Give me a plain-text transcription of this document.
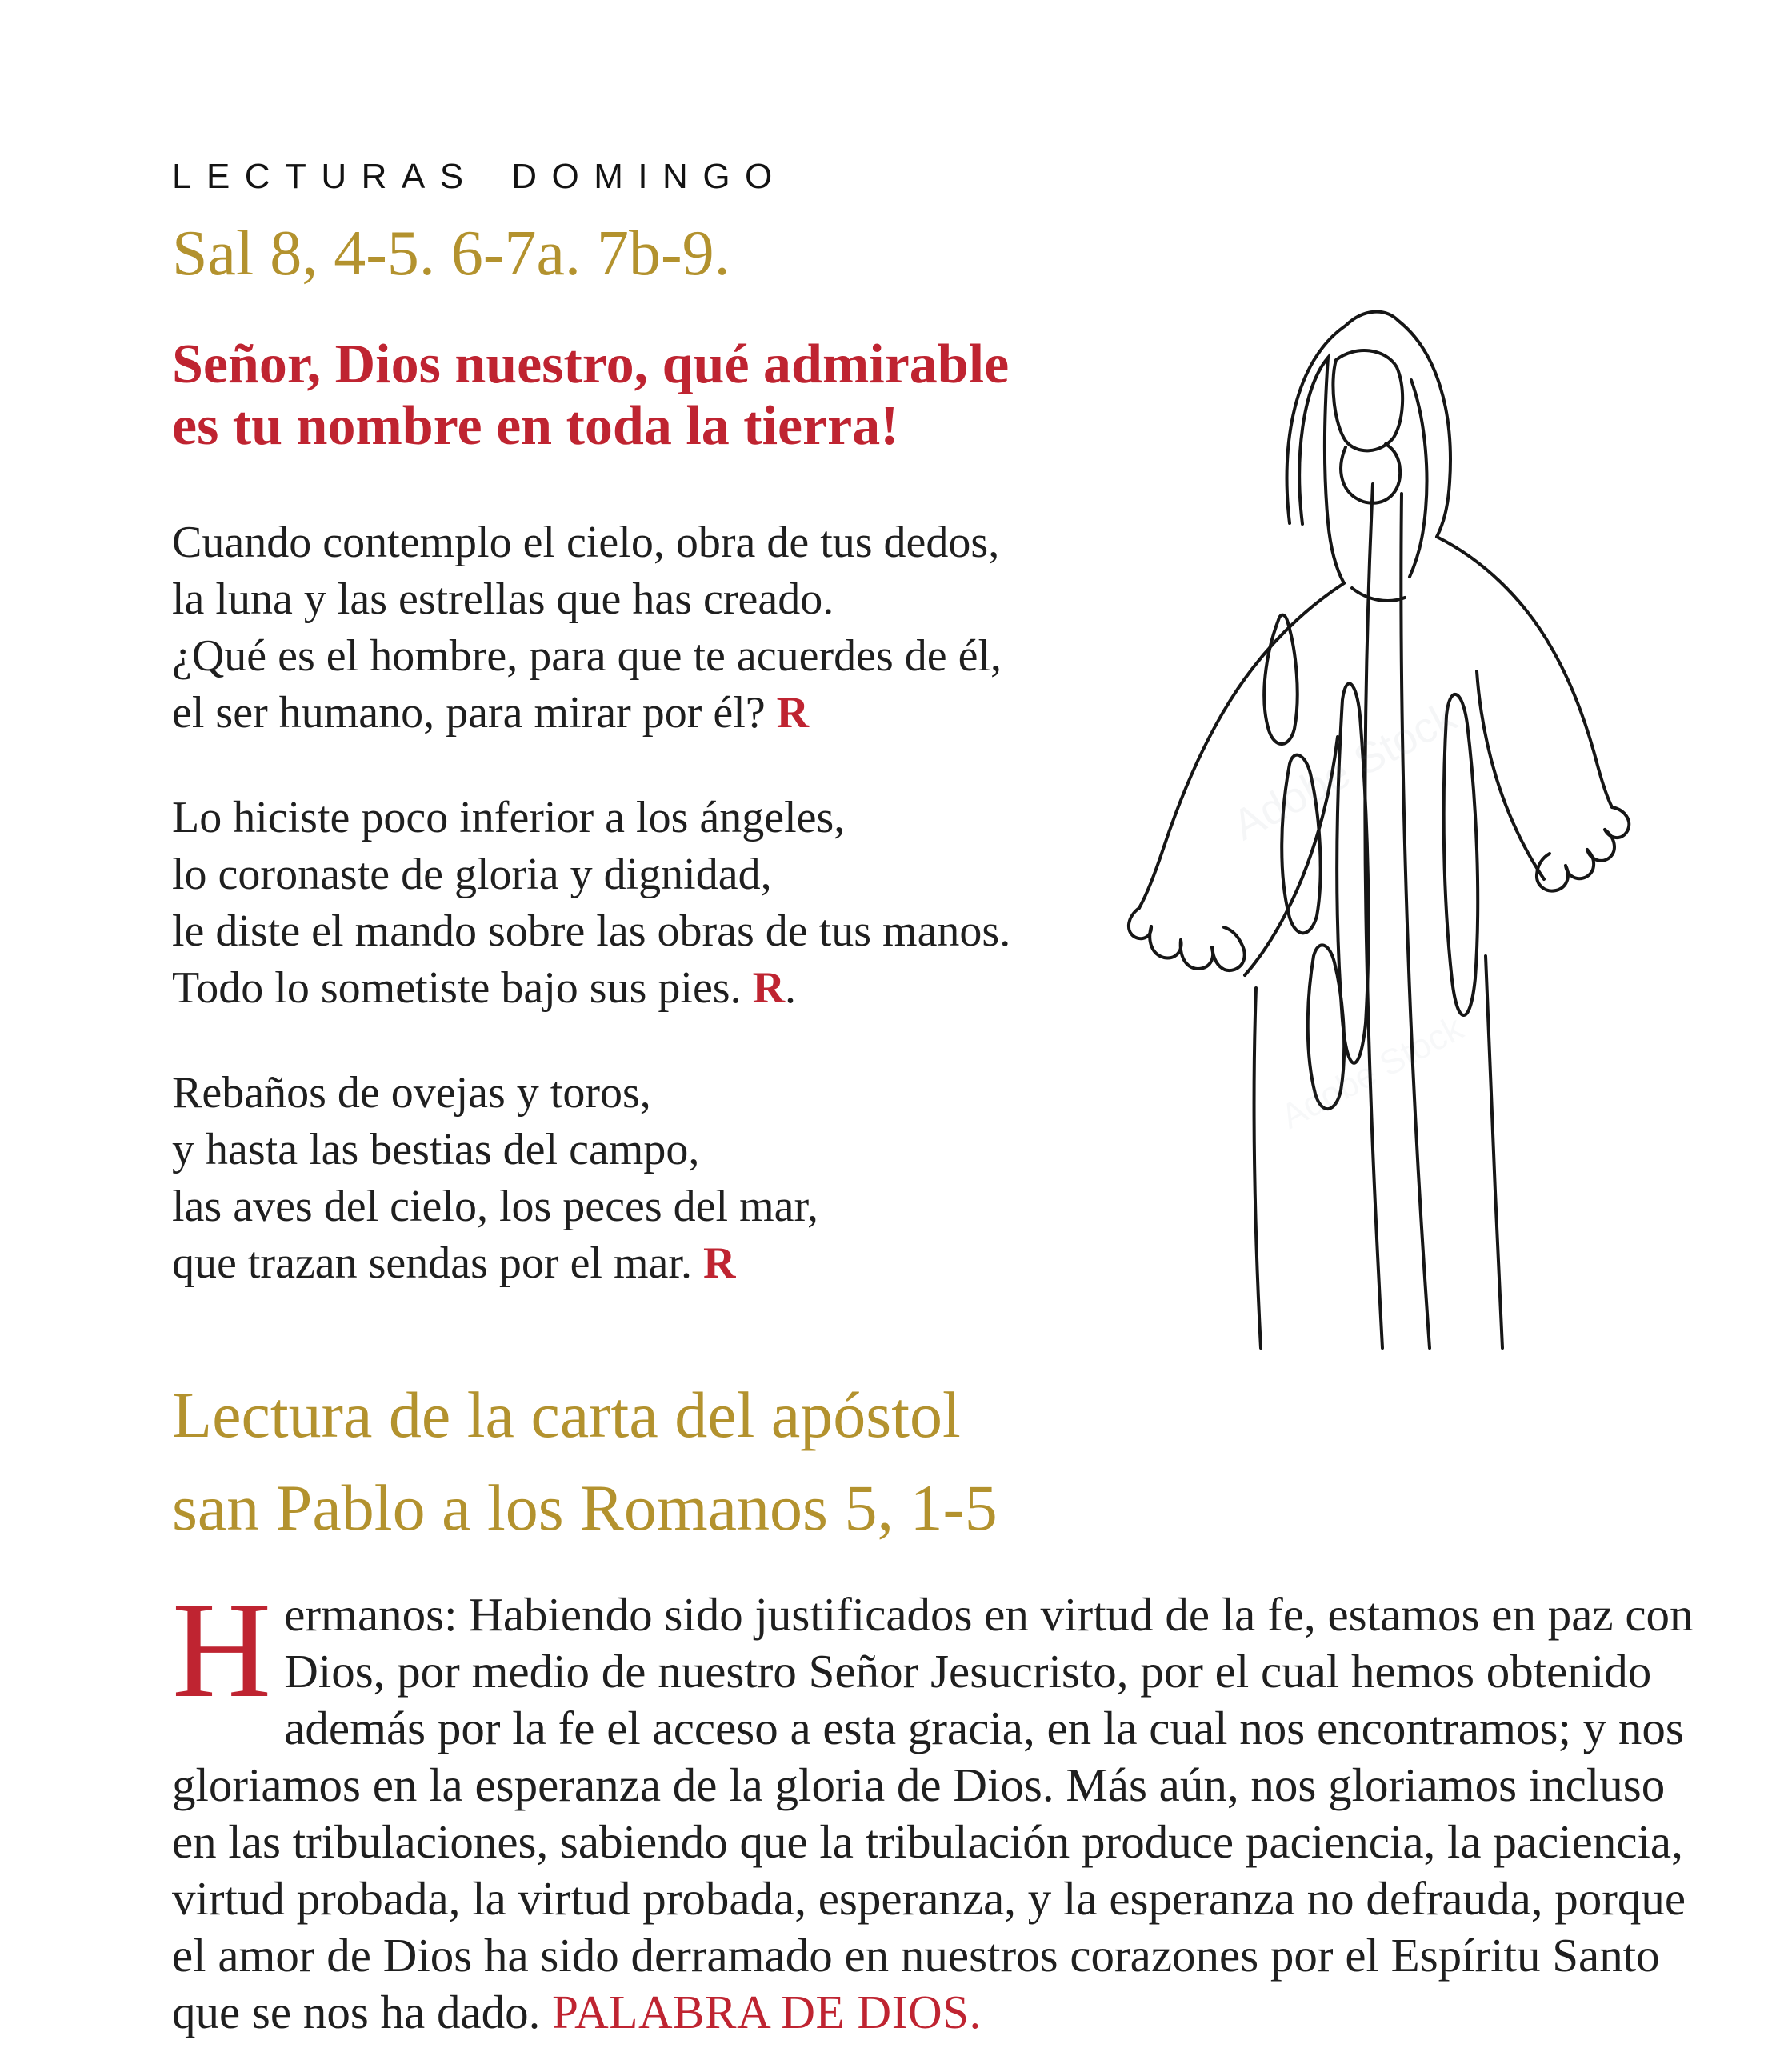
LECTURAS DOMINGO
Sal 8, 4-5. 6-7a. 7b-9.
Señor, Dios nuestro, qué admirable
es tu nombre en toda la tierra!
Cuando contemplo el cielo, obra de tus dedos,
la luna y las estrellas que has creado.
¿Qué es el hombre, para que te acuerdes de él,
el ser humano, para mirar por él? R
Lo hiciste poco inferior a los ángeles,
lo coronaste de gloria y dignidad,
le diste el mando sobre las obras de tus manos.
Todo lo sometiste bajo sus pies. R.
Rebaños de ovejas y toros,
y hasta las bestias del campo,
las aves del cielo, los peces del mar,
que trazan sendas por el mar. R
Lectura de la carta del apóstol
san Pablo a los Romanos 5, 1-5

Hermanos: Habiendo sido justificados en virtud de la fe, estamos en paz con Dios, por medio de nuestro Señor Jesucristo, por el cual hemos obtenido además por la fe el acceso a esta gracia, en la cual nos encontramos; y nos gloriamos en la esperanza de la gloria de Dios. Más aún, nos gloriamos incluso en las tribulaciones, sabiendo que la tribulación produce paciencia, la paciencia, virtud probada, la virtud probada, esperanza, y la esperanza no defrauda, porque el amor de Dios ha sido derramado en nuestros corazones por el Espíritu Santo que se nos ha dado. PALABRA DE DIOS.

Adobe Stock
Adobe Stock
